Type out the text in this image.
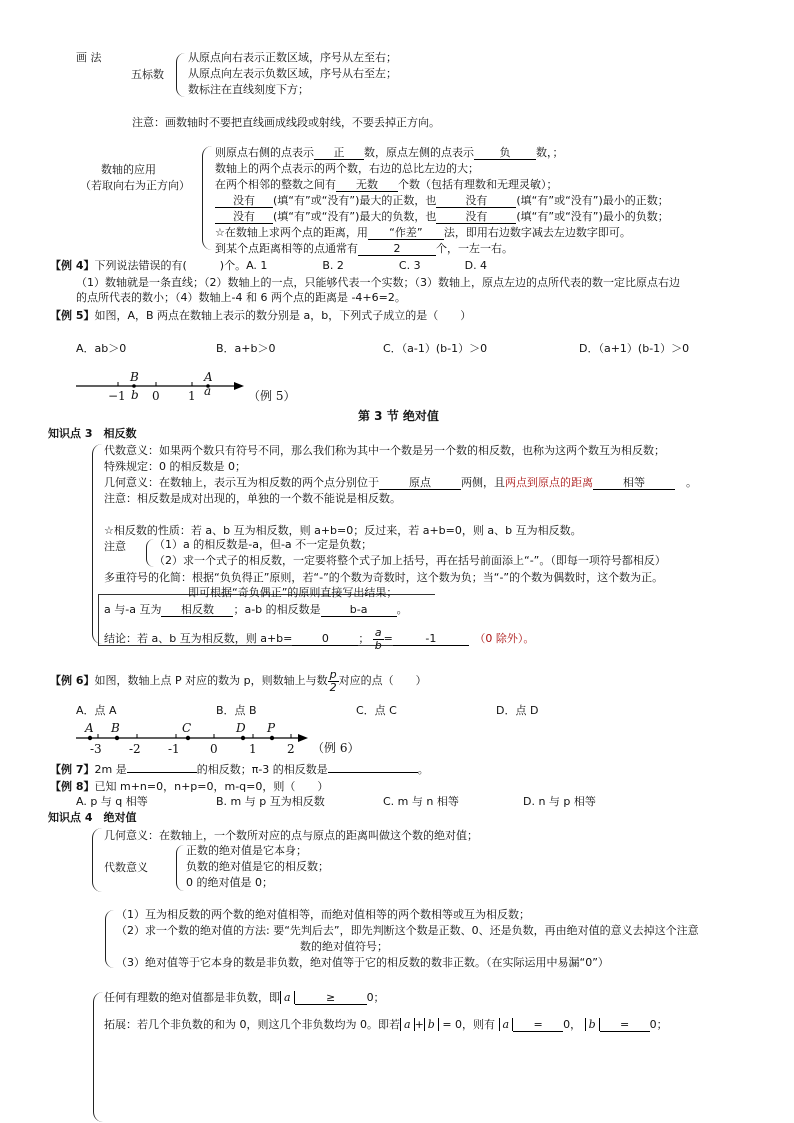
画 法
五标数
从原点向右表示正数区域，序号从左至右；
从原点向左表示负数区域，序号从右至左；
数标注在直线刻度下方；
注意：画数轴时不要把直线画成线段或射线，不要丢掉正方向。
数轴的应用
（若取向右为正方向）
则原点右侧的点表示 正 数，原点左侧的点表示 负 数，；
数轴上的两个点表示的两个数，右边的总比左边的大；
在两个相邻的整数之间有 无数 个数（包括有理数和无理灵敏）；
没有 (填“有”或“没有”)最大的正数，也	没有	(填“有”或“没有”)最小的正数；
没有 (填“有”或“没有”)最大的负数，也	没有	(填“有”或“没有”)最小的负数；
☆在数轴上求两个点的距离，用 “作差” 法，即用右边数字减去左边数字即可。
到某个点距离相等的点通常有	2	个，一左一右。
【例 4】下列说法错误的有(　　　)个。A. 1　　　　　B. 2　　　　　C. 3　　　　D. 4
（1）数轴就是一条直线；（2）数轴上的一点，只能够代表一个实数；（3）数轴上，原点左边的点所代表的数一定比原点右边
的点所代表的数小；（4）数轴上-4 和 6 两个点的距离是 -4+6=2。
【例 5】如图，A，B 两点在数轴上表示的数分别是 a，b，下列式子成立的是（　　）
A．ab＞0	B．a+b＞0	C．（a-1）(b-1）＞0	D．（a+1）(b-1）＞0
B
b
A
a
−1 0 1	（例 5）
第 3 节 绝对值
知识点 3　 相反数
代数意义：如果两个数只有符号不同，那么我们称为其中一个数是另一个数的相反数，也称为这两个数互为相反数；
特殊规定：0 的相反数是 0；
几何意义：在数轴上，表示互为相反数的两个点分别位于	原点	两侧，且两点到原点的距离	相等	　。
注意：相反数是成对出现的，单独的一个数不能说是相反数。
☆相反数的性质：若 a、b 互为相反数，则 a+b=0；反过来，若 a+b=0，则 a、b 互为相反数。
注意	（1）a 的相反数是-a，但-a 不一定是负数；
（2）求一个式子的相反数，一定要将整个式子加上括号，再在括号前面添上“-”。（即每一项符号都相反）
多重符号的化简：根据“负负得正”原则，若“-”的个数为奇数时，这个数为负；当“-”的个数为偶数时，这个数为正。
即可根据“奇负偶正”的原则直接写出结果；
a 与-a 互为 相反数 ；a-b 的相反数是	b-a	。
结论：若 a、b 互为相反数，则 a+b=	0	； $\frac{a}{b}$ =	-1　	（0 除外）。
【例 6】如图，数轴上点 P 对应的数为 p，则数轴上与数 $\frac{p}{2}$ 对应的点（　　）
A．点 A	B．点 B	C．点 C	D．点 D
A B	C	D P
-3 -2 -1	0	1	2 （例 6）
【例 7】2m 是	的相反数；π-3 的相反数是	。
【例 8】已知 m+n=0，n+p=0，m-q=0，则（　　）
A. p 与 q 相等	B. m 与 p 互为相反数	C. m 与 n 相等	D. n 与 p 相等
知识点 4　 绝对值
几何意义：在数轴上，一个数所对应的点与原点的距离叫做这个数的绝对值；
代数意义
正数的绝对值是它本身；
负数的绝对值是它的相反数；
0 的绝对值是 0；
（1）互为相反数的两个数的绝对值相等，而绝对值相等的两个数相等或互为相反数；
（2）求一个数的绝对值的方法: 要“先判后去”，即先判断这个数是正数、0、还是负数，再由绝对值的意义去掉这个注意
数的绝对值符号；
（3）绝对值等于它本身的数是非负数，绝对值等于它的相反数的数非正数。（在实际运用中易漏“0”）
任何有理数的绝对值都是非负数，即 a	≥	0；
拓展：若几个非负数的和为 0，则这几个非负数均为 0。即若 a + b = 0，则有 a = 0， b = 0；
